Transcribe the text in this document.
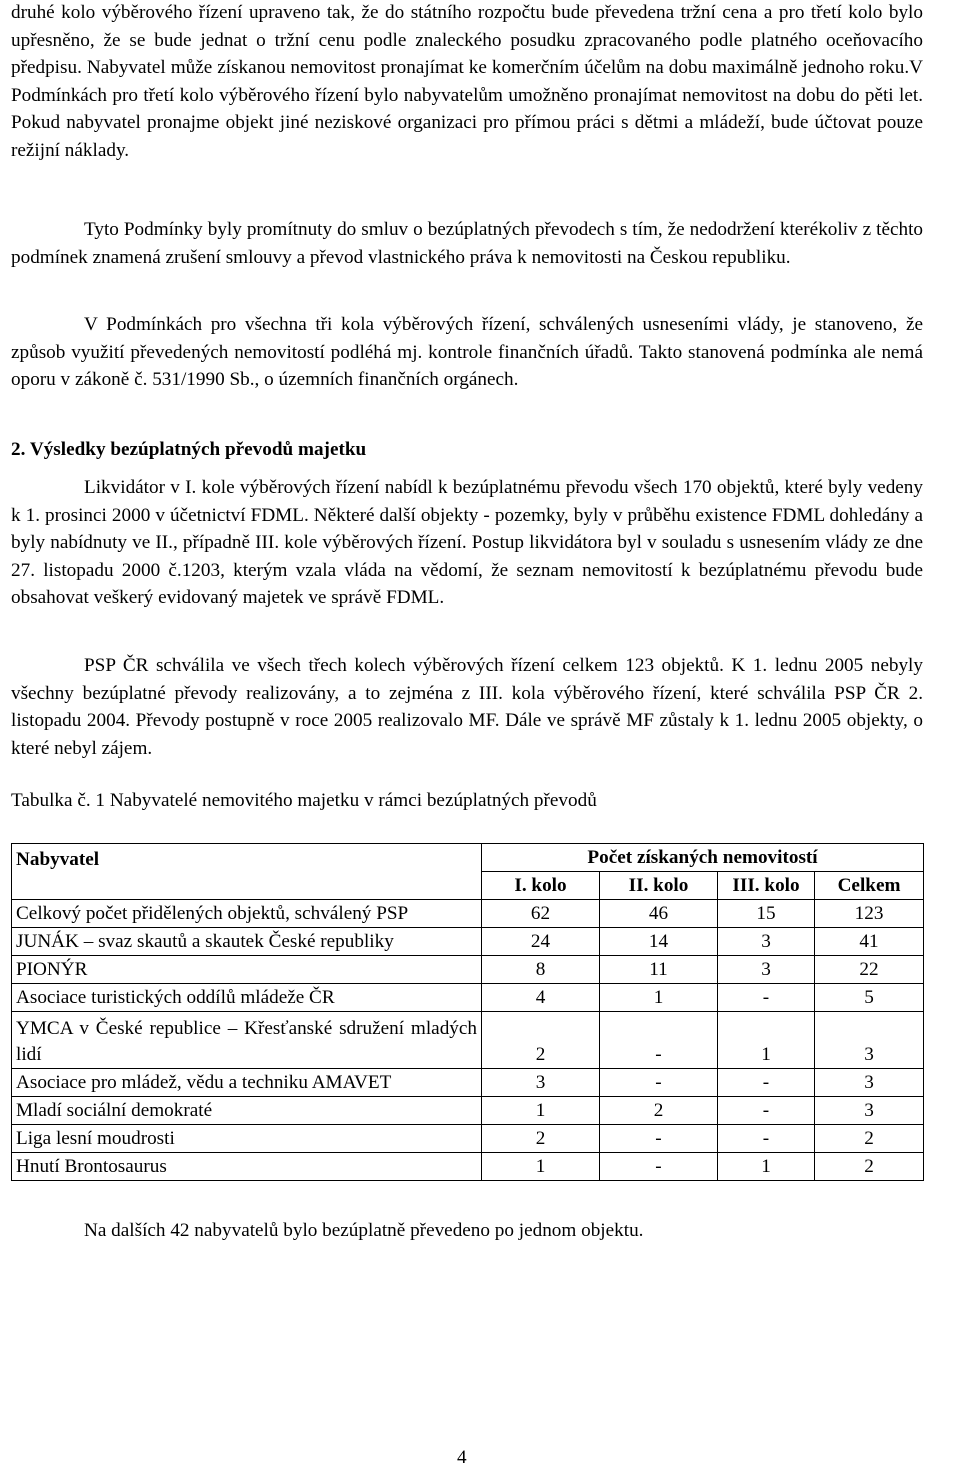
druhé kolo výběrového řízení upraveno tak, že do státního rozpočtu bude převedena tržní cena a pro třetí kolo bylo upřesněno, že se bude jednat o tržní cenu podle znaleckého posudku zpracovaného podle platného oceňovacího předpisu. Nabyvatel může získanou nemovitost pronajímat ke komerčním účelům na dobu maximálně jednoho roku.V Podmínkách pro třetí kolo výběrového řízení bylo nabyvatelům umožněno pronajímat nemovitost na dobu do pěti let. Pokud nabyvatel pronajme objekt jiné neziskové organizaci pro přímou práci s dětmi a mládeží, bude účtovat pouze režijní náklady.

Tyto Podmínky byly promítnuty do smluv o bezúplatných převodech s tím, že nedodržení kterékoliv z těchto podmínek znamená zrušení smlouvy a převod vlastnického práva k nemovitosti na Českou republiku.

V Podmínkách pro všechna tři kola výběrových řízení, schválených usneseními vlády, je stanoveno, že způsob využití převedených nemovitostí podléhá mj. kontrole finančních úřadů. Takto stanovená podmínka ale nemá oporu v zákoně č. 531/1990 Sb., o územních finančních orgánech.

2. Výsledky bezúplatných převodů majetku

Likvidátor v I. kole výběrových řízení nabídl k bezúplatnému převodu všech 170 objektů, které byly vedeny k 1. prosinci 2000 v účetnictví FDML. Některé další objekty - pozemky, byly v průběhu existence FDML dohledány a byly nabídnuty ve II., případně III. kole výběrových řízení. Postup likvidátora byl v souladu s usnesením vlády ze dne 27. listopadu 2000 č.1203, kterým vzala vláda na vědomí, že seznam nemovitostí k bezúplatnému převodu bude obsahovat veškerý evidovaný majetek ve správě FDML.

PSP ČR schválila ve všech třech kolech výběrových řízení celkem 123 objektů. K 1. lednu 2005 nebyly všechny bezúplatné převody realizovány, a to zejména z III. kola výběrového řízení, které schválila PSP ČR 2. listopadu 2004. Převody postupně v roce 2005 realizovalo MF. Dále ve správě MF zůstaly k 1. lednu 2005 objekty, o které nebyl zájem.

Tabulka č. 1 Nabyvatelé nemovitého majetku v rámci bezúplatných převodů
Nabyvatel	Počet získaných nemovitostí			
	I. kolo	II. kolo	III. kolo	Celkem
Celkový počet přidělených objektů, schválený PSP	62	46	15	123
JUNÁK – svaz skautů a skautek České republiky	24	14	3	41
PIONÝR	8	11	3	22
Asociace turistických oddílů mládeže ČR	4	1	-	5
YMCA v České republice – Křesťanské sdružení mladých lidí	2	-	1	3
Asociace pro mládež, vědu a techniku AMAVET	3	-	-	3
Mladí sociální demokraté	1	2	-	3
Liga lesní moudrosti	2	-	-	2
Hnutí Brontosaurus	1	-	1	2
Na dalších 42 nabyvatelů bylo bezúplatně převedeno po jednom objektu.
4
